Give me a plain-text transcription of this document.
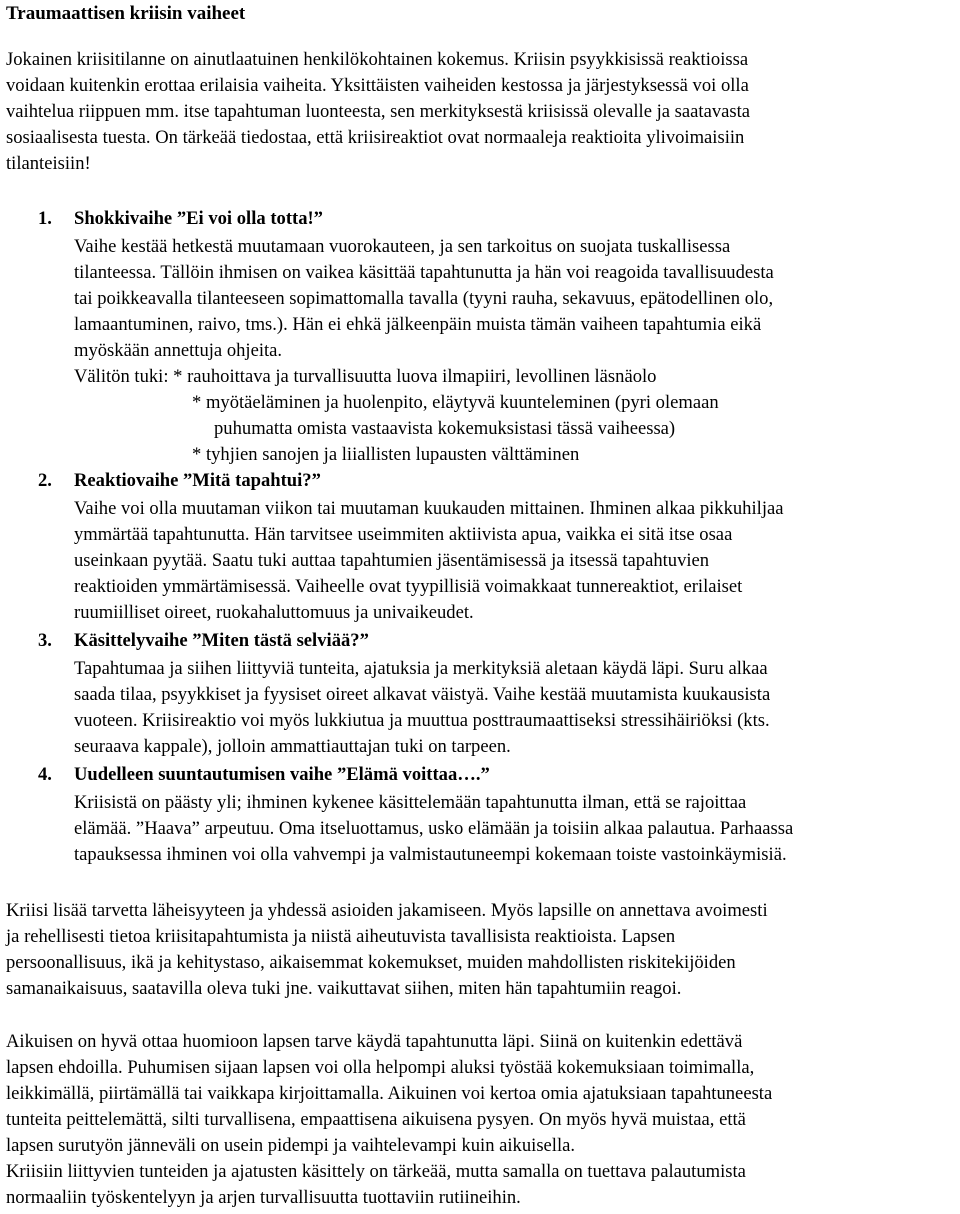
Traumaattisen kriisin vaiheet
Jokainen kriisitilanne on ainutlaatuinen henkilökohtainen kokemus. Kriisin psyykkisissä reaktioissa
voidaan kuitenkin erottaa erilaisia vaiheita. Yksittäisten vaiheiden kestossa ja järjestyksessä voi olla
vaihtelua riippuen mm. itse tapahtuman luonteesta, sen merkityksestä kriisissä olevalle ja saatavasta
sosiaalisesta tuesta. On tärkeää tiedostaa, että kriisireaktiot ovat normaaleja reaktioita ylivoimaisiin
tilanteisiin!
1. Shokkivaihe ”Ei voi olla totta!”
Vaihe kestää hetkestä muutamaan vuorokauteen, ja sen tarkoitus on suojata tuskallisessa
tilanteessa. Tällöin ihmisen on vaikea käsittää tapahtunutta ja hän voi reagoida tavallisuudesta
tai poikkeavalla tilanteeseen sopimattomalla tavalla (tyyni rauha, sekavuus, epätodellinen olo,
lamaantuminen, raivo, tms.). Hän ei ehkä jälkeenpäin muista tämän vaiheen tapahtumia eikä
myöskään annettuja ohjeita.
Välitön tuki: * rauhoittava ja turvallisuutta luova ilmapiiri, levollinen läsnäolo
* myötäeläminen ja huolenpito, eläytyvä kuunteleminen (pyri olemaan
puhumatta omista vastaavista kokemuksistasi tässä vaiheessa)
* tyhjien sanojen ja liiallisten lupausten välttäminen
2. Reaktiovaihe ”Mitä tapahtui?”
Vaihe voi olla muutaman viikon tai muutaman kuukauden mittainen. Ihminen alkaa pikkuhiljaa
ymmärtää tapahtunutta. Hän tarvitsee useimmiten aktiivista apua, vaikka ei sitä itse osaa
useinkaan pyytää. Saatu tuki auttaa tapahtumien jäsentämisessä ja itsessä tapahtuvien
reaktioiden ymmärtämisessä. Vaiheelle ovat tyypillisiä voimakkaat tunnereaktiot, erilaiset
ruumiilliset oireet, ruokahaluttomuus ja univaikeudet.
3. Käsittelyvaihe ”Miten tästä selviää?”
Tapahtumaa ja siihen liittyviä tunteita, ajatuksia ja merkityksiä aletaan käydä läpi. Suru alkaa
saada tilaa, psyykkiset ja fyysiset oireet alkavat väistyä. Vaihe kestää muutamista kuukausista
vuoteen. Kriisireaktio voi myös lukkiutua ja muuttua posttraumaattiseksi stressihäiriöksi (kts.
seuraava kappale), jolloin ammattiauttajan tuki on tarpeen.
4. Uudelleen suuntautumisen vaihe ”Elämä voittaa….”
Kriisistä on päästy yli; ihminen kykenee käsittelemään tapahtunutta ilman, että se rajoittaa
elämää. ”Haava” arpeutuu. Oma itseluottamus, usko elämään ja toisiin alkaa palautua. Parhaassa
tapauksessa ihminen voi olla vahvempi ja valmistautuneempi kokemaan toiste vastoinkäymisiä.
Kriisi lisää tarvetta läheisyyteen ja yhdessä asioiden jakamiseen. Myös lapsille on annettava avoimesti
ja rehellisesti tietoa kriisitapahtumista ja niistä aiheutuvista tavallisista reaktioista. Lapsen
persoonallisuus, ikä ja kehitystaso, aikaisemmat kokemukset, muiden mahdollisten riskitekijöiden
samanaikaisuus, saatavilla oleva tuki jne. vaikuttavat siihen, miten hän tapahtumiin reagoi.
Aikuisen on hyvä ottaa huomioon lapsen tarve käydä tapahtunutta läpi. Siinä on kuitenkin edettävä
lapsen ehdoilla. Puhumisen sijaan lapsen voi olla helpompi aluksi työstää kokemuksiaan toimimalla,
leikkimällä, piirtämällä tai vaikkapa kirjoittamalla. Aikuinen voi kertoa omia ajatuksiaan tapahtuneesta
tunteita peittelemättä, silti turvallisena, empaattisena aikuisena pysyen. On myös hyvä muistaa, että
lapsen surutyön jänneväli on usein pidempi ja vaihtelevampi kuin aikuisella.
Kriisiin liittyvien tunteiden ja ajatusten käsittely on tärkeää, mutta samalla on tuettava palautumista
normaaliin työskentelyyn ja arjen turvallisuutta tuottaviin rutiineihin.
